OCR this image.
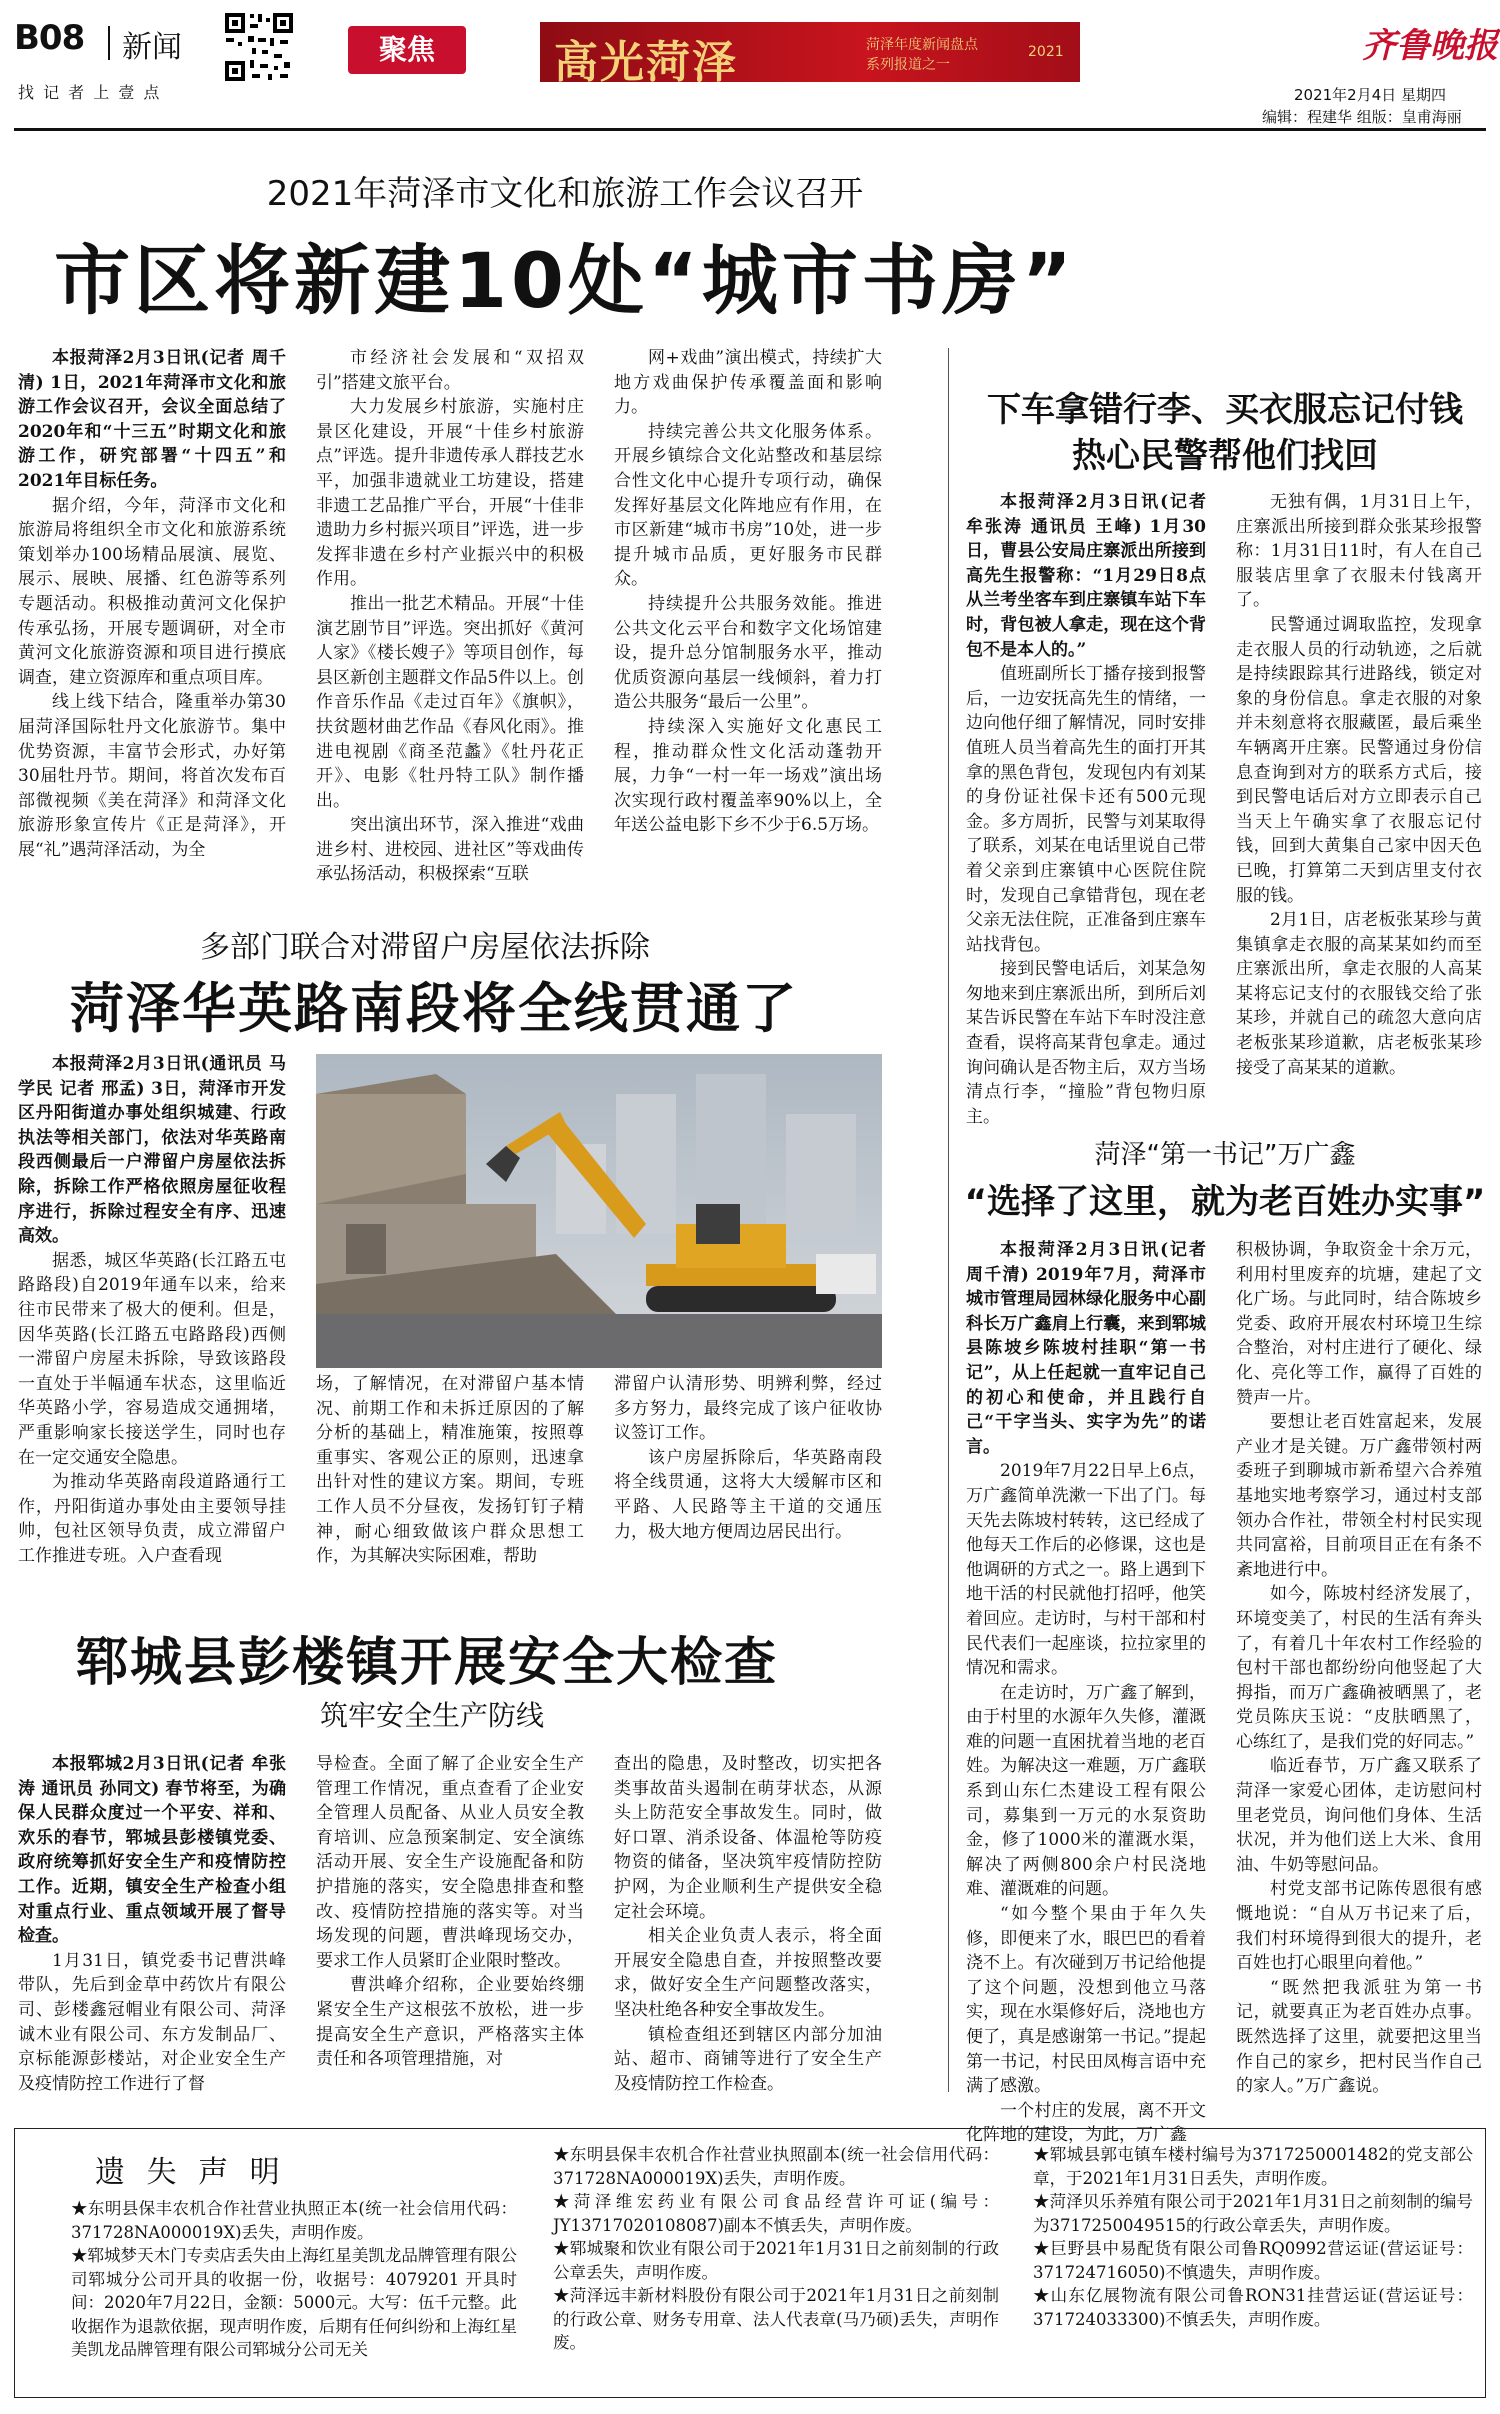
B08 新闻
找 记 者 上 壹 点
聚焦	高光菏泽	菏泽年度新闻盘点
系列报道之一
2021	齐鲁晚报
2021年2月4日 星期四
编辑：程建华 组版：皇甫海丽
2021年菏泽市文化和旅游工作会议召开
市区将新建10处“城市书房”

本报菏泽2月3日讯(记者 周千清) 1日，2021年菏泽市文化和旅游工作会议召开，会议全面总结了2020年和“十三五”时期文化和旅游工作，研究部署“十四五”和2021年目标任务。

据介绍，今年，菏泽市文化和旅游局将组织全市文化和旅游系统策划举办100场精品展演、展览、展示、展映、展播、红色游等系列专题活动。积极推动黄河文化保护传承弘扬，开展专题调研，对全市黄河文化旅游资源和项目进行摸底调查，建立资源库和重点项目库。

线上线下结合，隆重举办第30届菏泽国际牡丹文化旅游节。集中优势资源，丰富节会形式，办好第30届牡丹节。期间，将首次发布百部微视频《美在菏泽》和菏泽文化旅游形象宣传片《正是菏泽》，开展“礼”遇菏泽活动，为全

市经济社会发展和“双招双引”搭建文旅平台。

大力发展乡村旅游，实施村庄景区化建设，开展“十佳乡村旅游点”评选。提升非遗传承人群技艺水平，加强非遗就业工坊建设，搭建非遗工艺品推广平台，开展“十佳非遗助力乡村振兴项目”评选，进一步发挥非遗在乡村产业振兴中的积极作用。

推出一批艺术精品。开展“十佳演艺剧节目”评选。突出抓好《黄河人家》《楼长嫂子》等项目创作，每县区新创主题群文作品5件以上。创作音乐作品《走过百年》《旗帜》，扶贫题材曲艺作品《春风化雨》。推进电视剧《商圣范蠡》《牡丹花正开》、电影《牡丹特工队》制作播出。

突出演出环节，深入推进“戏曲进乡村、进校园、进社区”等戏曲传承弘扬活动，积极探索“互联

网+戏曲”演出模式，持续扩大地方戏曲保护传承覆盖面和影响力。

持续完善公共文化服务体系。开展乡镇综合文化站整改和基层综合性文化中心提升专项行动，确保发挥好基层文化阵地应有作用，在市区新建“城市书房”10处，进一步提升城市品质，更好服务市民群众。

持续提升公共服务效能。推进公共文化云平台和数字文化场馆建设，提升总分馆制服务水平，推动优质资源向基层一线倾斜，着力打造公共服务“最后一公里”。

持续深入实施好文化惠民工程，推动群众性文化活动蓬勃开展，力争“一村一年一场戏”演出场次实现行政村覆盖率90%以上，全年送公益电影下乡不少于6.5万场。

下车拿错行李、买衣服忘记付钱
热心民警帮他们找回

本报菏泽2月3日讯(记者 牟张涛 通讯员 王峰) 1月30日，曹县公安局庄寨派出所接到高先生报警称：“1月29日8点从兰考坐客车到庄寨镇车站下车时，背包被人拿走，现在这个背包不是本人的。”

值班副所长丁播存接到报警后，一边安抚高先生的情绪，一边向他仔细了解情况，同时安排值班人员当着高先生的面打开其拿的黑色背包，发现包内有刘某的身份证社保卡还有500元现金。多方周折，民警与刘某取得了联系，刘某在电话里说自己带着父亲到庄寨镇中心医院住院时，发现自己拿错背包，现在老父亲无法住院，正准备到庄寨车站找背包。

接到民警电话后，刘某急匆匆地来到庄寨派出所，到所后刘某告诉民警在车站下车时没注意查看，误将高某背包拿走。通过询问确认是否物主后，双方当场清点行李，“撞脸”背包物归原主。

无独有偶，1月31日上午，庄寨派出所接到群众张某珍报警称：1月31日11时，有人在自己服装店里拿了衣服未付钱离开了。

民警通过调取监控，发现拿走衣服人员的行动轨迹，之后就是持续跟踪其行进路线，锁定对象的身份信息。拿走衣服的对象并未刻意将衣服藏匿，最后乘坐车辆离开庄寨。民警通过身份信息查询到对方的联系方式后，接到民警电话后对方立即表示自己当天上午确实拿了衣服忘记付钱，回到大黄集自己家中因天色已晚，打算第二天到店里支付衣服的钱。

2月1日，店老板张某珍与黄集镇拿走衣服的高某某如约而至庄寨派出所，拿走衣服的人高某某将忘记支付的衣服钱交给了张某珍，并就自己的疏忽大意向店老板张某珍道歉，店老板张某珍接受了高某某的道歉。

多部门联合对滞留户房屋依法拆除
菏泽华英路南段将全线贯通了

本报菏泽2月3日讯(通讯员 马学民 记者 邢孟) 3日，菏泽市开发区丹阳街道办事处组织城建、行政执法等相关部门，依法对华英路南段西侧最后一户滞留户房屋依法拆除，拆除工作严格依照房屋征收程序进行，拆除过程安全有序、迅速高效。

据悉，城区华英路(长江路五屯路路段)自2019年通车以来，给来往市民带来了极大的便利。但是，因华英路(长江路五屯路路段)西侧一滞留户房屋未拆除，导致该路段一直处于半幅通车状态，这里临近华英路小学，容易造成交通拥堵，严重影响家长接送学生，同时也存在一定交通安全隐患。

为推动华英路南段道路通行工作，丹阳街道办事处由主要领导挂帅，包社区领导负责，成立滞留户工作推进专班。入户查看现

场，了解情况，在对滞留户基本情况、前期工作和未拆迁原因的了解分析的基础上，精准施策，按照尊重事实、客观公正的原则，迅速拿出针对性的建议方案。期间，专班工作人员不分昼夜，发扬钉钉子精神，耐心细致做该户群众思想工作，为其解决实际困难，帮助

滞留户认清形势、明辨利弊，经过多方努力，最终完成了该户征收协议签订工作。

该户房屋拆除后，华英路南段将全线贯通，这将大大缓解市区和平路、人民路等主干道的交通压力，极大地方便周边居民出行。

菏泽“第一书记”万广鑫
“选择了这里，就为老百姓办实事”

本报菏泽2月3日讯(记者 周千清) 2019年7月，菏泽市城市管理局园林绿化服务中心副科长万广鑫肩上行囊，来到郓城县陈坡乡陈坡村挂职“第一书记”，从上任起就一直牢记自己的初心和使命，并且践行自己“干字当头、实字为先”的诺言。

2019年7月22日早上6点，万广鑫简单洗漱一下出了门。每天先去陈坡村转转，这已经成了他每天工作后的必修课，这也是他调研的方式之一。路上遇到下地干活的村民就他打招呼，他笑着回应。走访时，与村干部和村民代表们一起座谈，拉拉家里的情况和需求。

在走访时，万广鑫了解到，由于村里的水源年久失修，灌溉难的问题一直困扰着当地的老百姓。为解决这一难题，万广鑫联系到山东仁杰建设工程有限公司，募集到一万元的水泵资助金，修了1000米的灌溉水渠，解决了两侧800余户村民浇地难、灌溉难的问题。

“如今整个果由于年久失修，即便来了水，眼巴巴的看着浇不上。有次碰到万书记给他提了这个问题，没想到他立马落实，现在水渠修好后，浇地也方便了，真是感谢第一书记。”提起第一书记，村民田凤梅言语中充满了感激。

一个村庄的发展，离不开文化阵地的建设，为此，万广鑫

积极协调，争取资金十余万元，利用村里废弃的坑塘，建起了文化广场。与此同时，结合陈坡乡党委、政府开展农村环境卫生综合整治，对村庄进行了硬化、绿化、亮化等工作，赢得了百姓的赞声一片。

要想让老百姓富起来，发展产业才是关键。万广鑫带领村两委班子到聊城市新希望六合养殖基地实地考察学习，通过村支部领办合作社，带领全村村民实现共同富裕，目前项目正在有条不紊地进行中。

如今，陈坡村经济发展了，环境变美了，村民的生活有奔头了，有着几十年农村工作经验的包村干部也都纷纷向他竖起了大拇指，而万广鑫确被晒黑了，老党员陈庆玉说：“皮肤晒黑了，心练红了，是我们党的好同志。”

临近春节，万广鑫又联系了菏泽一家爱心团体，走访慰问村里老党员，询问他们身体、生活状况，并为他们送上大米、食用油、牛奶等慰问品。

村党支部书记陈传恩很有感慨地说：“自从万书记来了后，我们村环境得到很大的提升，老百姓也打心眼里向着他。”

“既然把我派驻为第一书记，就要真正为老百姓办点事。既然选择了这里，就要把这里当作自己的家乡，把村民当作自己的家人。”万广鑫说。

郓城县彭楼镇开展安全大检查
筑牢安全生产防线

本报郓城2月3日讯(记者 牟张涛 通讯员 孙同文) 春节将至，为确保人民群众度过一个平安、祥和、欢乐的春节，郓城县彭楼镇党委、政府统筹抓好安全生产和疫情防控工作。近期，镇安全生产检查小组对重点行业、重点领域开展了督导检查。

1月31日，镇党委书记曹洪峰带队，先后到金草中药饮片有限公司、彭楼鑫冠帽业有限公司、菏泽诚木业有限公司、东方发制品厂、京标能源彭楼站，对企业安全生产及疫情防控工作进行了督

导检查。全面了解了企业安全生产管理工作情况，重点查看了企业安全管理人员配备、从业人员安全教育培训、应急预案制定、安全演练活动开展、安全生产设施配备和防护措施的落实，安全隐患排查和整改、疫情防控措施的落实等。对当场发现的问题，曹洪峰现场交办，要求工作人员紧盯企业限时整改。

曹洪峰介绍称，企业要始终绷紧安全生产这根弦不放松，进一步提高安全生产意识，严格落实主体责任和各项管理措施，对

查出的隐患，及时整改，切实把各类事故苗头遏制在萌芽状态，从源头上防范安全事故发生。同时，做好口罩、消杀设备、体温枪等防疫物资的储备，坚决筑牢疫情防控防护网，为企业顺利生产提供安全稳定社会环境。

相关企业负责人表示，将全面开展安全隐患自查，并按照整改要求，做好安全生产问题整改落实，坚决杜绝各种安全事故发生。

镇检查组还到辖区内部分加油站、超市、商铺等进行了安全生产及疫情防控工作检查。

遗 失 声 明

★东明县保丰农机合作社营业执照正本(统一社会信用代码：371728NA000019X)丢失，声明作废。

★郓城梦天木门专卖店丢失由上海红星美凯龙品牌管理有限公司郓城分公司开具的收据一份，收据号：4079201 开具时间：2020年7月22日，金额：5000元。大写：伍千元整。此收据作为退款依据，现声明作废，后期有任何纠纷和上海红星美凯龙品牌管理有限公司郓城分公司无关

★东明县保丰农机合作社营业执照副本(统一社会信用代码：371728NA000019X)丢失，声明作废。

★菏泽维宏药业有限公司食品经营许可证(编号：JY13717020108087)副本不慎丢失，声明作废。

★郓城聚和饮业有限公司于2021年1月31日之前刻制的行政公章丢失，声明作废。

★菏泽远丰新材料股份有限公司于2021年1月31日之前刻制的行政公章、财务专用章、法人代表章(马乃硕)丢失，声明作废。

★郓城县郭屯镇车楼村编号为3717250001482的党支部公章，于2021年1月31日丢失，声明作废。

★菏泽贝乐养殖有限公司于2021年1月31日之前刻制的编号为3717250049515的行政公章丢失，声明作废。

★巨野县中易配货有限公司鲁RQ0992营运证(营运证号：371724716050)不慎遗失，声明作废。

★山东亿展物流有限公司鲁RON31挂营运证(营运证号：371724033300)不慎丢失，声明作废。
